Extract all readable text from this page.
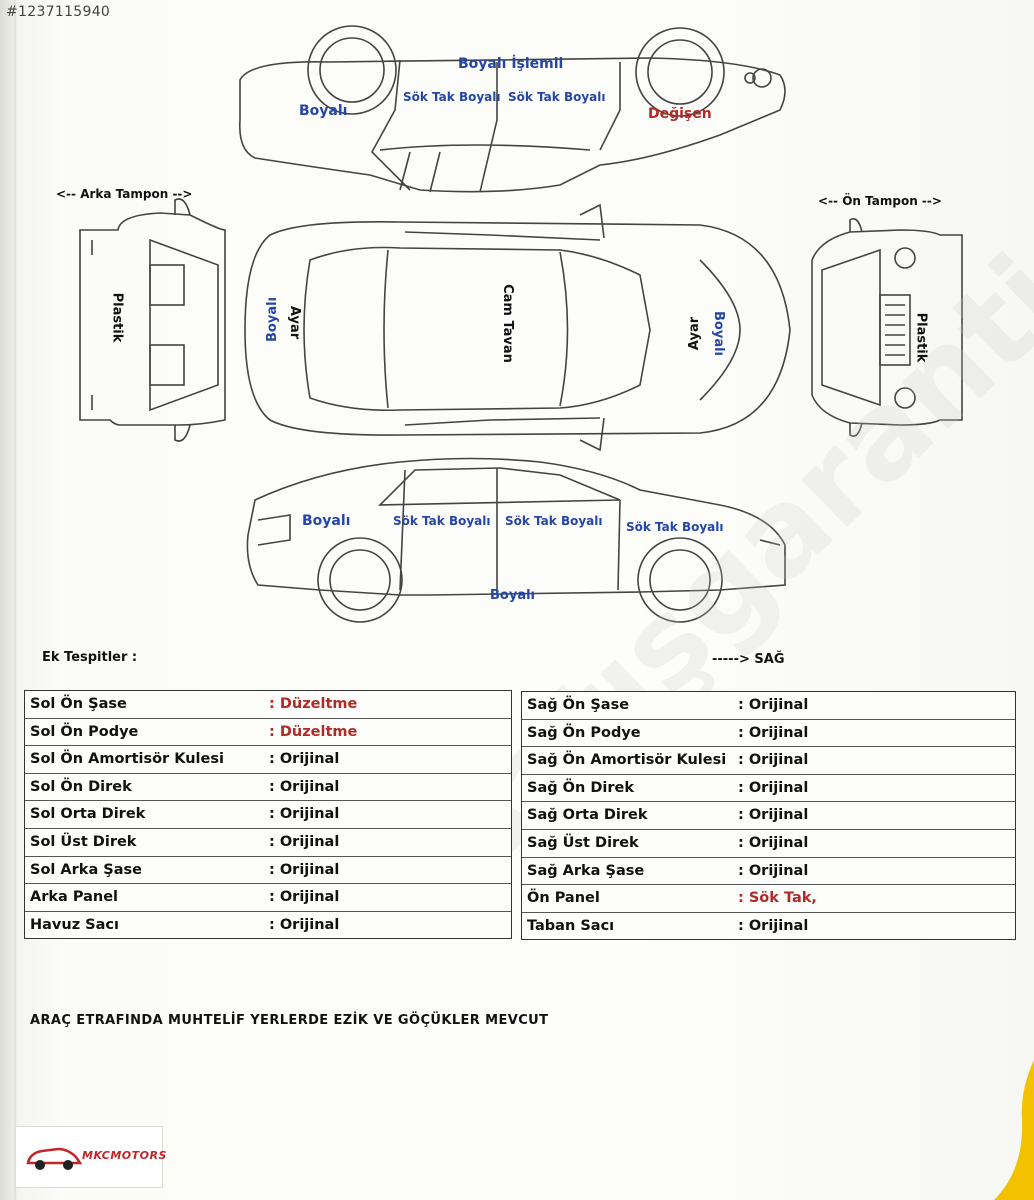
#1237115940
Boyalı İşlemli
Boyalı
Sök Tak Boyalı Sök Tak Boyalı
Değişen
<-- Arka Tampon -->	<-- Ön Tampon -->
Plastik	Plastik
Ayar
Boyalı	Cam Tavan	Ayar Boyalı
Boyalı	Sök Tak Boyalı Sök Tak Boyalı Sök Tak Boyalı
Boyalı
Ek Tespitler :	-----> SAĞ
Sol Ön Şase	: Düzeltme
Sol Ön Podye	: Düzeltme
Sol Ön Amortisör Kulesi	: Orijinal
Sol Ön Direk	: Orijinal
Sol Orta Direk	: Orijinal
Sol Üst Direk	: Orijinal
Sol Arka Şase	: Orijinal
Arka Panel	: Orijinal
Havuz Sacı	: Orijinal
Sağ Ön Şase	: Orijinal
Sağ Ön Podye	: Orijinal
Sağ Ön Amortisör Kulesi : Orijinal
Sağ Ön Direk	: Orijinal
Sağ Orta Direk	: Orijinal
Sağ Üst Direk	: Orijinal
Sağ Arka Şase	: Orijinal
Ön Panel	: Sök Tak,
Taban Sacı	: Orijinal
ARAÇ ETRAFINDA MUHTELİF YERLERDE EZİK VE GÖÇÜKLER MEVCUT
MKCMOTORS
